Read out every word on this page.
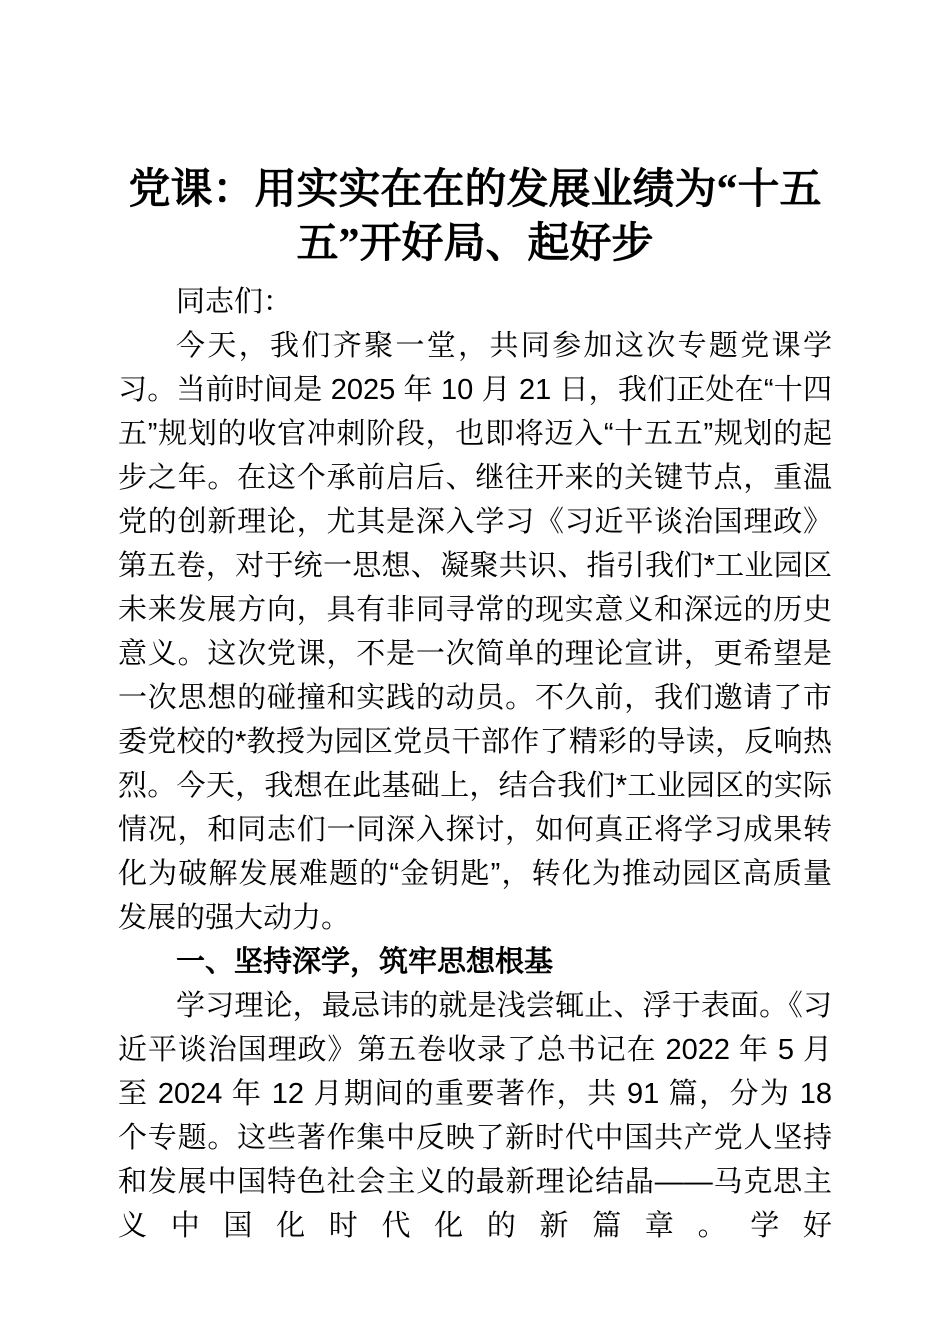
党课：用实实在在的发展业绩为“十五
五”开好局、起好步

同志们：

今天，我们齐聚一堂，共同参加这次专题党课学习。当前时间是 2025 年 10 月 21 日，我们正处在“十四五”规划的收官冲刺阶段，也即将迈入“十五五”规划的起步之年。在这个承前启后、继往开来的关键节点，重温党的创新理论，尤其是深入学习《习近平谈治国理政》第五卷，对于统一思想、凝聚共识、指引我们*工业园区未来发展方向，具有非同寻常的现实意义和深远的历史意义。这次党课，不是一次简单的理论宣讲，更希望是一次思想的碰撞和实践的动员。不久前，我们邀请了市委党校的*教授为园区党员干部作了精彩的导读，反响热烈。今天，我想在此基础上，结合我们*工业园区的实际情况，和同志们一同深入探讨，如何真正将学习成果转化为破解发展难题的“金钥匙”，转化为推动园区高质量发展的强大动力。

一、坚持深学，筑牢思想根基

学习理论，最忌讳的就是浅尝辄止、浮于表面。《习近平谈治国理政》第五卷收录了总书记在 2022 年 5 月至 2024 年 12 月期间的重要著作，共 91 篇，分为 18 个专题。这些著作集中反映了新时代中国共产党人坚持和发展中国特色社会主义的最新理论结晶——马克思主义中国化时代化的新篇章。学好
